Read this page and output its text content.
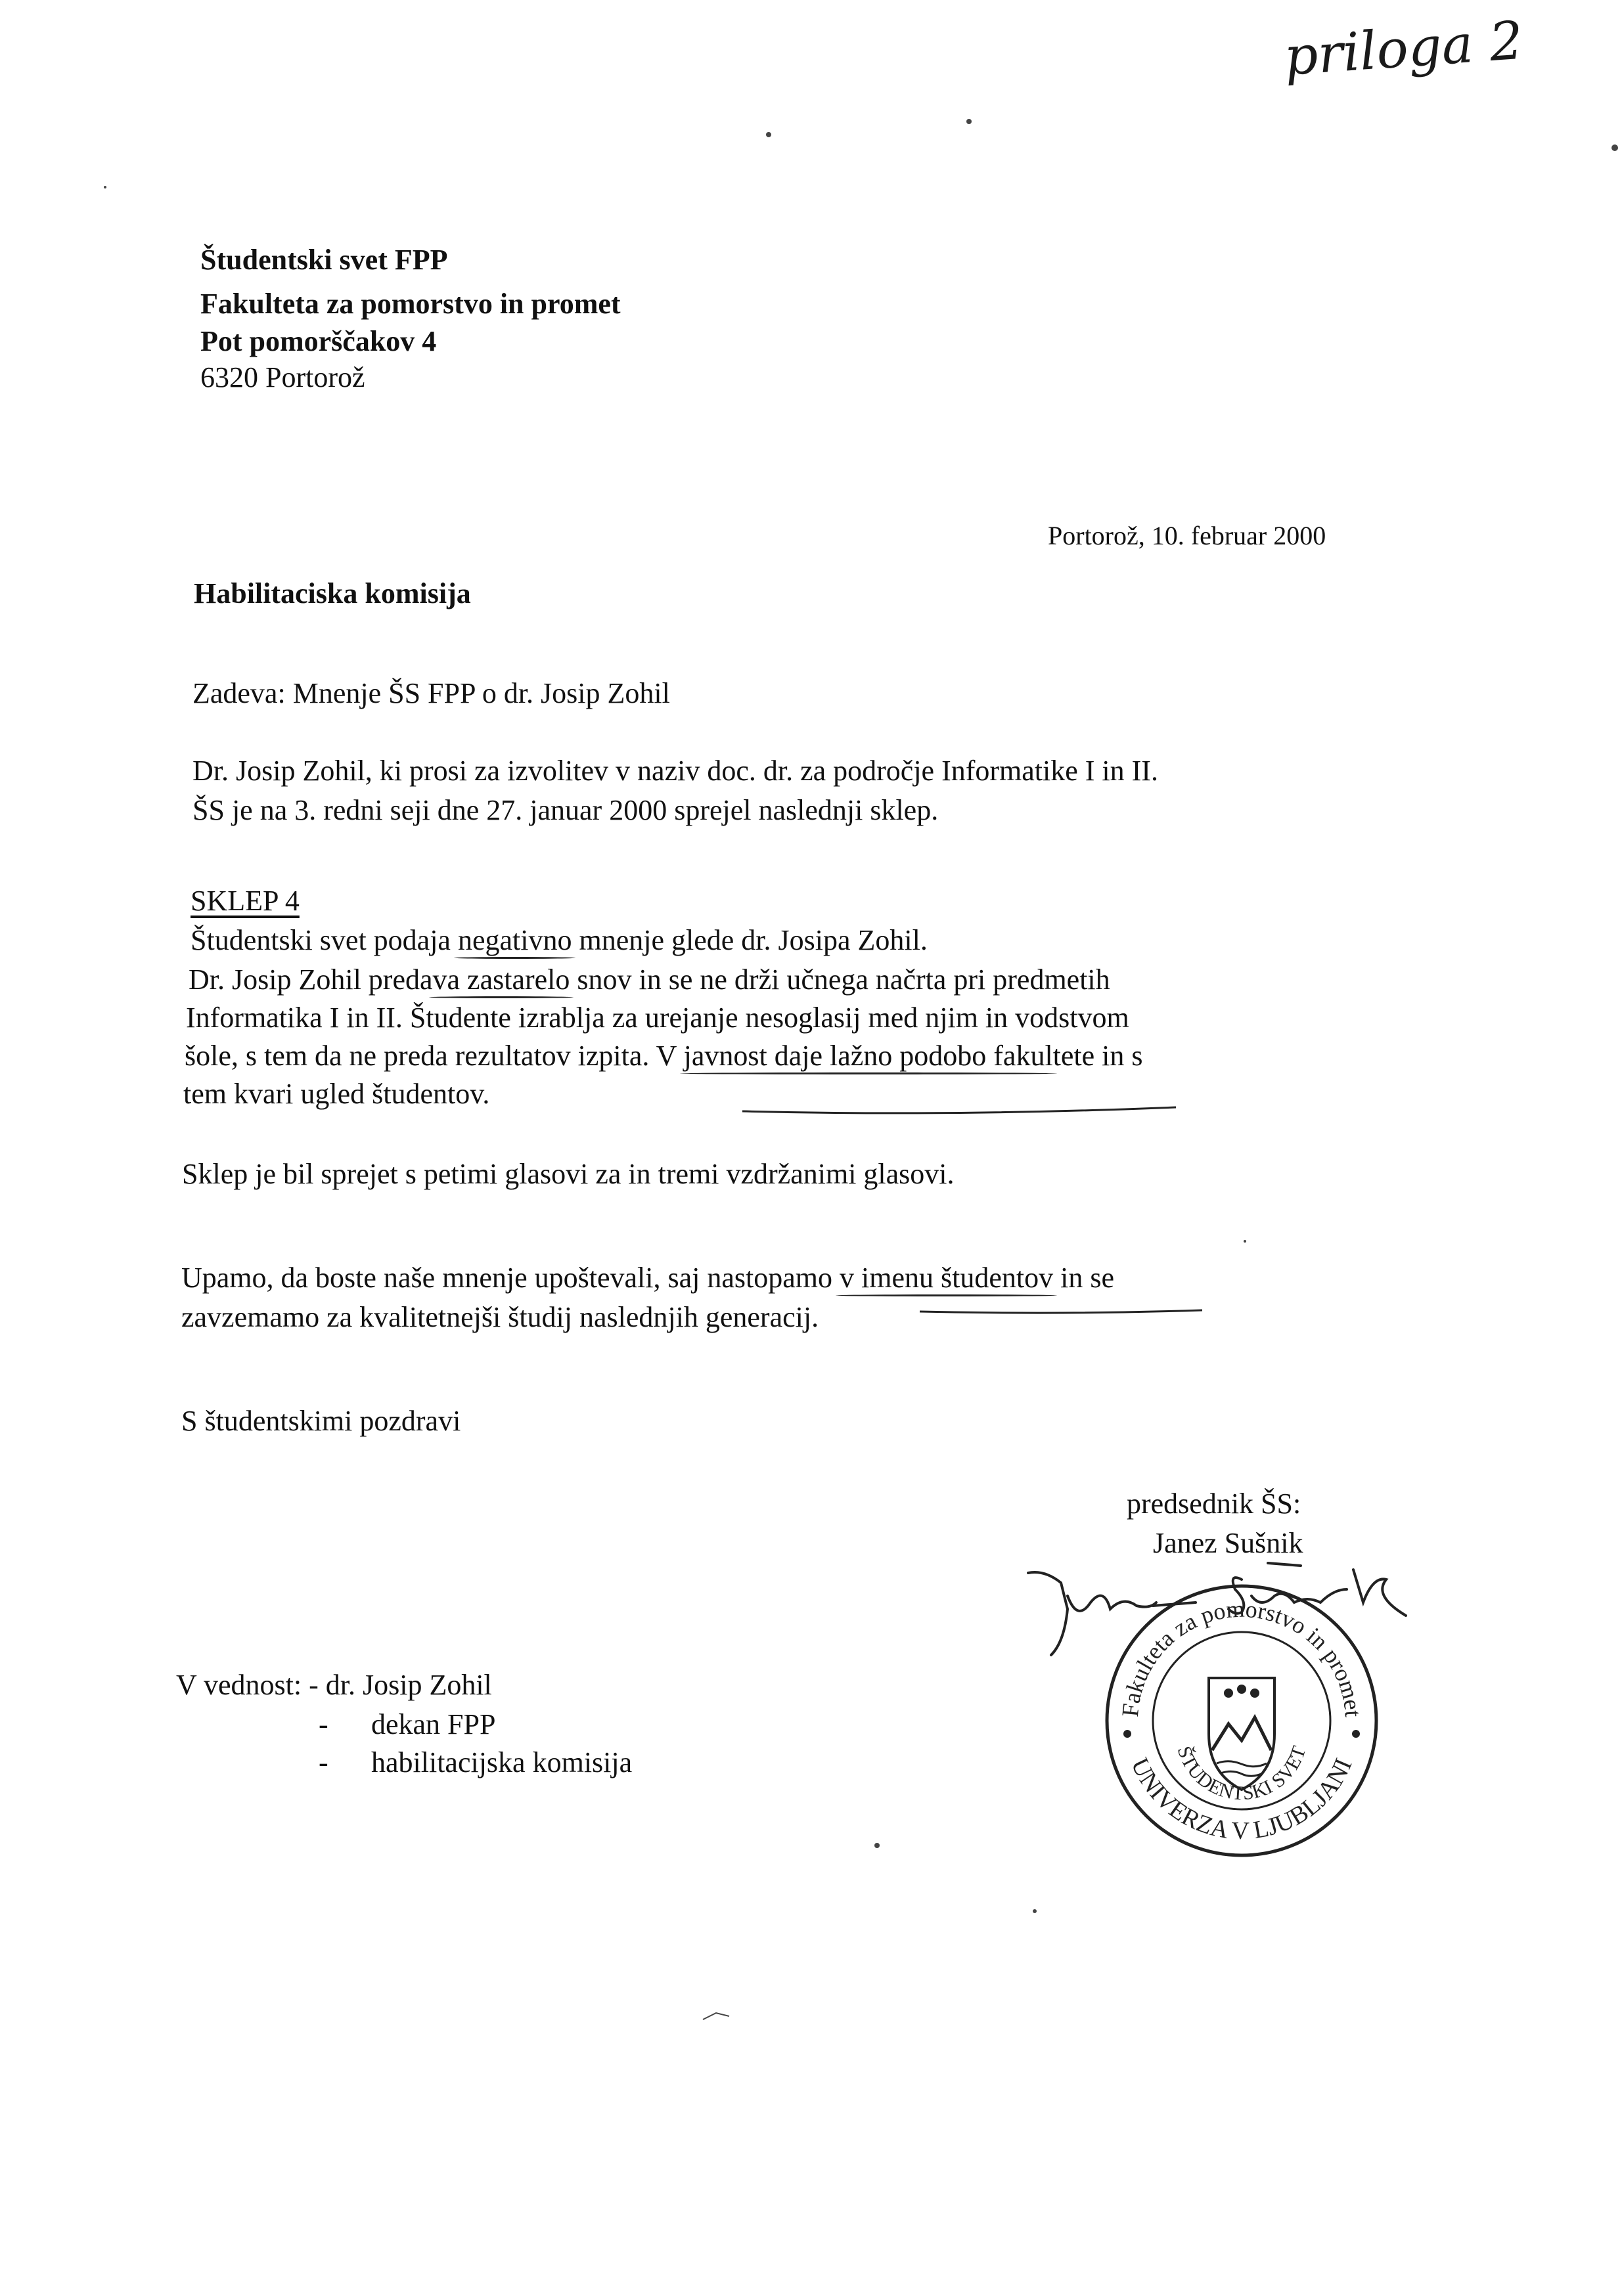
priloga 2
Študentski svet FPP
Fakulteta za pomorstvo in promet
Pot pomorščakov 4
6320 Portorož
Portorož, 10. februar 2000
Habilitaciska komisija
Zadeva: Mnenje ŠS FPP o dr. Josip Zohil
Dr. Josip Zohil, ki prosi za izvolitev v naziv doc. dr. za področje Informatike I in II.
ŠS je na 3. redni seji dne 27. januar 2000 sprejel naslednji sklep.
SKLEP 4
Študentski svet podaja negativno mnenje glede dr. Josipa Zohil.
Dr. Josip Zohil predava zastarelo snov in se ne drži učnega načrta pri predmetih
Informatika I in II. Študente izrablja za urejanje nesoglasij med njim in vodstvom
šole, s tem da ne preda rezultatov izpita. V javnost daje lažno podobo fakultete in s
tem kvari ugled študentov.
Sklep je bil sprejet s petimi glasovi za in tremi vzdržanimi glasovi.
Upamo, da boste naše mnenje upoštevali, saj nastopamo v imenu študentov in se
zavzemamo za kvalitetnejši študij naslednjih generacij.
S študentskimi pozdravi
predsednik ŠS:
Janez Sušnik
V vednost: - dr. Josip Zohil
- dekan FPP
- habilitacijska komisija
Fakulteta za pomorstvo in promet
UNIVERZA V LJUBLJANI
ŠTUDENTSKI SVET
